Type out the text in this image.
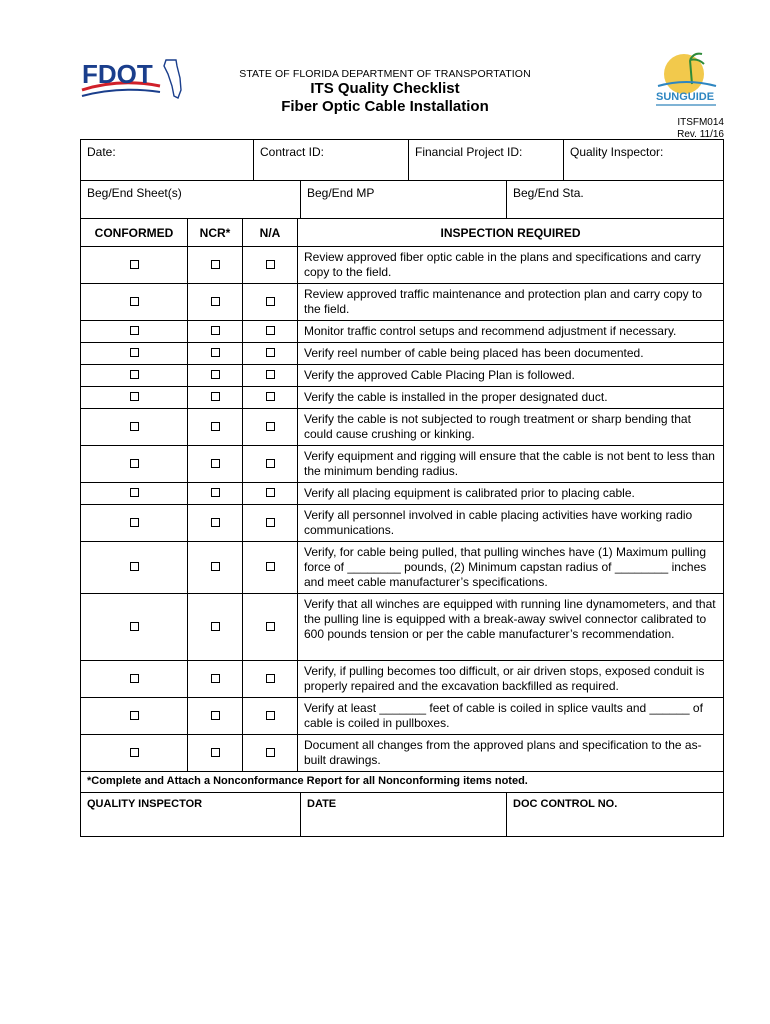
FDOT	STATE OF FLORIDA DEPARTMENT OF TRANSPORTATION
ITS Quality Checklist
Fiber Optic Cable Installation
SUNGUIDE
ITSFM014
Rev. 11/16
Date:	Contract ID:	Financial Project ID:	Quality Inspector:
Beg/End Sheet(s)	Beg/End MP	Beg/End Sta.
CONFORMED	NCR*	N/A	INSPECTION REQUIRED
			Review approved fiber optic cable in the plans and specifications and carry copy to the field.
			Review approved traffic maintenance and protection plan and carry copy to the field.
			Monitor traffic control setups and recommend adjustment if necessary.
			Verify reel number of cable being placed has been documented.
			Verify the approved Cable Placing Plan is followed.
			Verify the cable is installed in the proper designated duct.
			Verify the cable is not subjected to rough treatment or sharp bending that could cause crushing or kinking.
			Verify equipment and rigging will ensure that the cable is not bent to less than the minimum bending radius.
			Verify all placing equipment is calibrated prior to placing cable.
			Verify all personnel involved in cable placing activities have working radio communications.
			Verify, for cable being pulled, that pulling winches have (1) Maximum pulling force of ________ pounds, (2) Minimum capstan radius of ________ inches and meet cable manufacturer’s specifications.
			Verify that all winches are equipped with running line dynamometers, and that the pulling line is equipped with a break-away swivel connector calibrated to 600 pounds tension or per the cable manufacturer’s recommendation.
			Verify, if pulling becomes too difficult, or air driven stops, exposed conduit is properly repaired and the excavation backfilled as required.
			Verify at least _______ feet of cable is coiled in splice vaults and ______ of cable is coiled in pullboxes.
			Document all changes from the approved plans and specification to the as-built drawings.
*Complete and Attach a Nonconformance Report for all Nonconforming items noted.
QUALITY INSPECTOR	DATE	DOC CONTROL NO.
